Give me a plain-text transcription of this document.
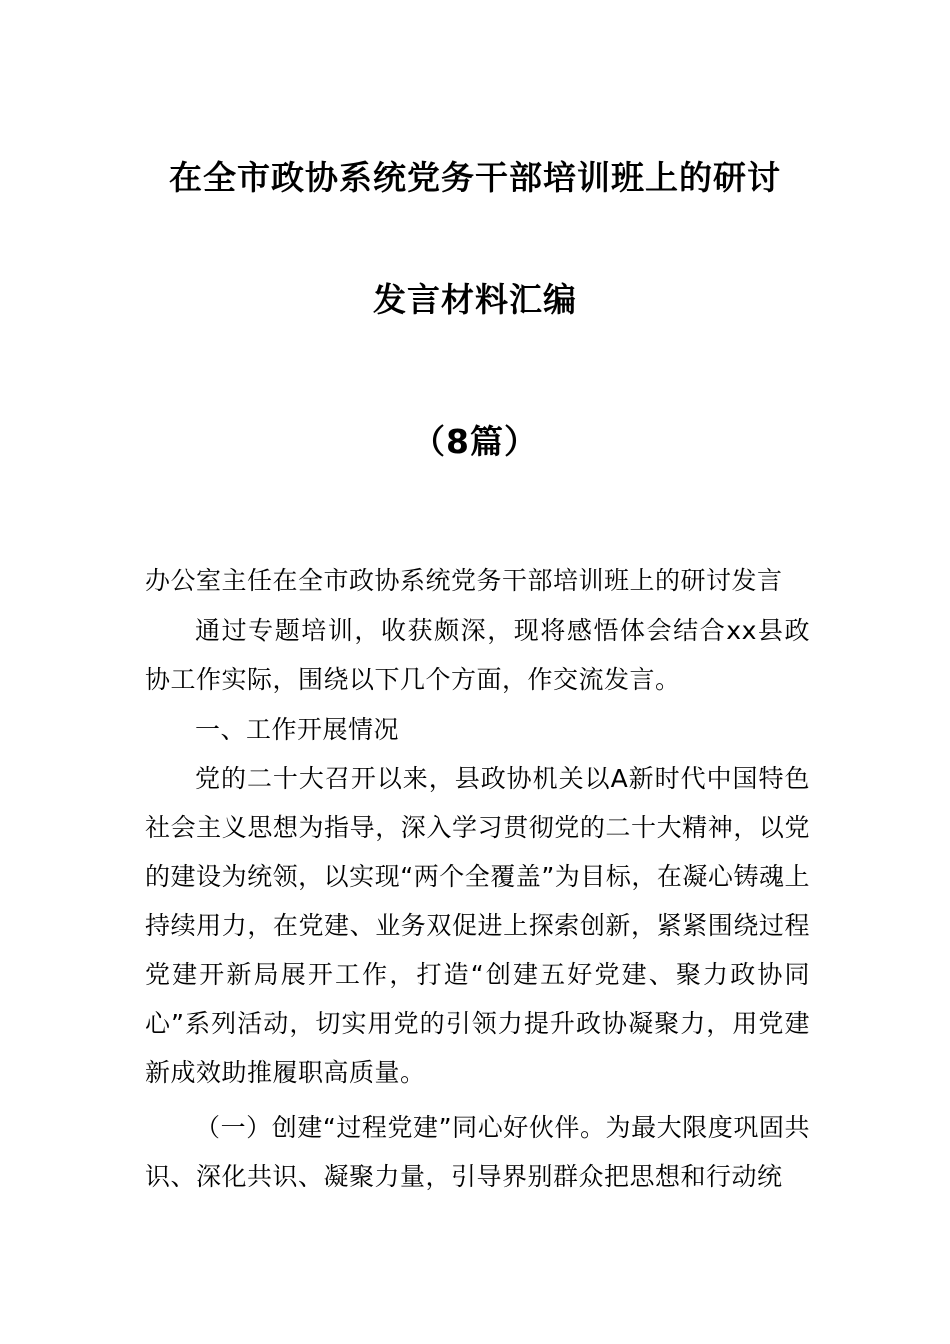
在全市政协系统党务干部培训班上的研讨
发言材料汇编
（8篇）
办公室主任在全市政协系统党务干部培训班上的研讨发言
通过专题培训，收获颇深，现将感悟体会结合xx县政协工作实际，围绕以下几个方面，作交流发言。
一、工作开展情况
党的二十大召开以来，县政协机关以A新时代中国特色社会主义思想为指导，深入学习贯彻党的二十大精神，以党的建设为统领，以实现“两个全覆盖”为目标，在凝心铸魂上持续用力，在党建、业务双促进上探索创新，紧紧围绕过程党建开新局展开工作，打造“创建五好党建、聚力政协同心”系列活动，切实用党的引领力提升政协凝聚力，用党建新成效助推履职高质量。
（一）创建“过程党建”同心好伙伴。为最大限度巩固共识、深化共识、凝聚力量，引导界别群众把思想和行动统
